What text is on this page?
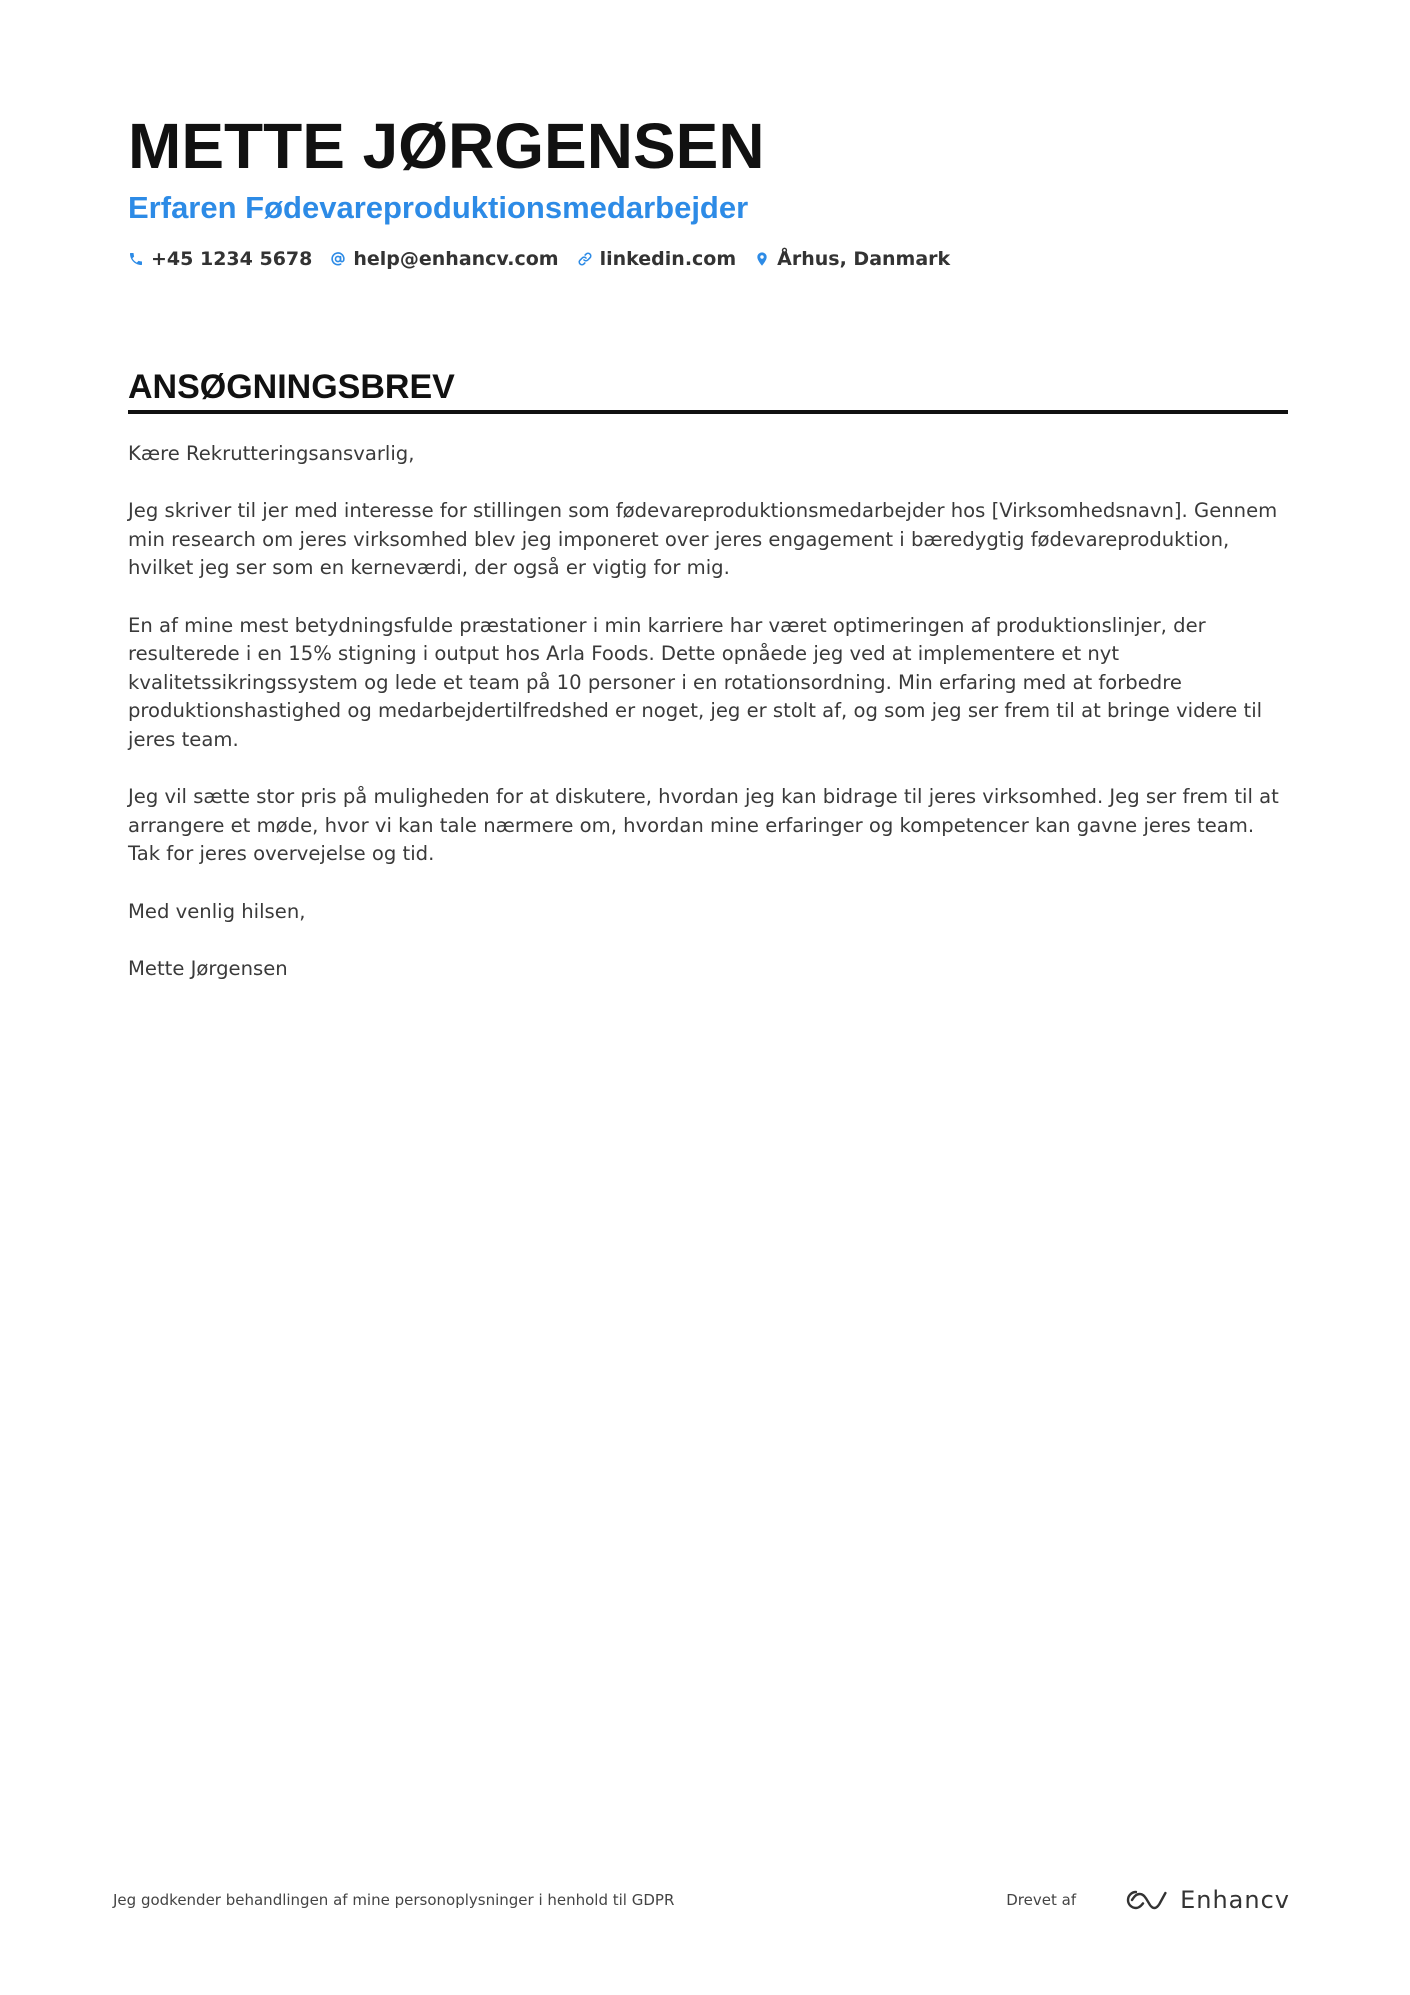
METTE JØRGENSEN
Erfaren Fødevareproduktionsmedarbejder
+45 1234 5678 help@enhancv.com linkedin.com Århus, Danmark
ANSØGNINGSBREV

Kære Rekrutteringsansvarlig,

Jeg skriver til jer med interesse for stillingen som fødevareproduktionsmedarbejder hos [Virksomhedsnavn]. Gennem min research om jeres virksomhed blev jeg imponeret over jeres engagement i bæredygtig fødevareproduktion, hvilket jeg ser som en kerneværdi, der også er vigtig for mig.

En af mine mest betydningsfulde præstationer i min karriere har været optimeringen af produktionslinjer, der resulterede i en 15% stigning i output hos Arla Foods. Dette opnåede jeg ved at implementere et nyt kvalitetssikringssystem og lede et team på 10 personer i en rotationsordning. Min erfaring med at forbedre produktionshastighed og medarbejdertilfredshed er noget, jeg er stolt af, og som jeg ser frem til at bringe videre til jeres team.

Jeg vil sætte stor pris på muligheden for at diskutere, hvordan jeg kan bidrage til jeres virksomhed. Jeg ser frem til at arrangere et møde, hvor vi kan tale nærmere om, hvordan mine erfaringer og kompetencer kan gavne jeres team. Tak for jeres overvejelse og tid.

Med venlig hilsen,

Mette Jørgensen

Jeg godkender behandlingen af mine personoplysninger i henhold til GDPR	Drevet af	Enhancv
